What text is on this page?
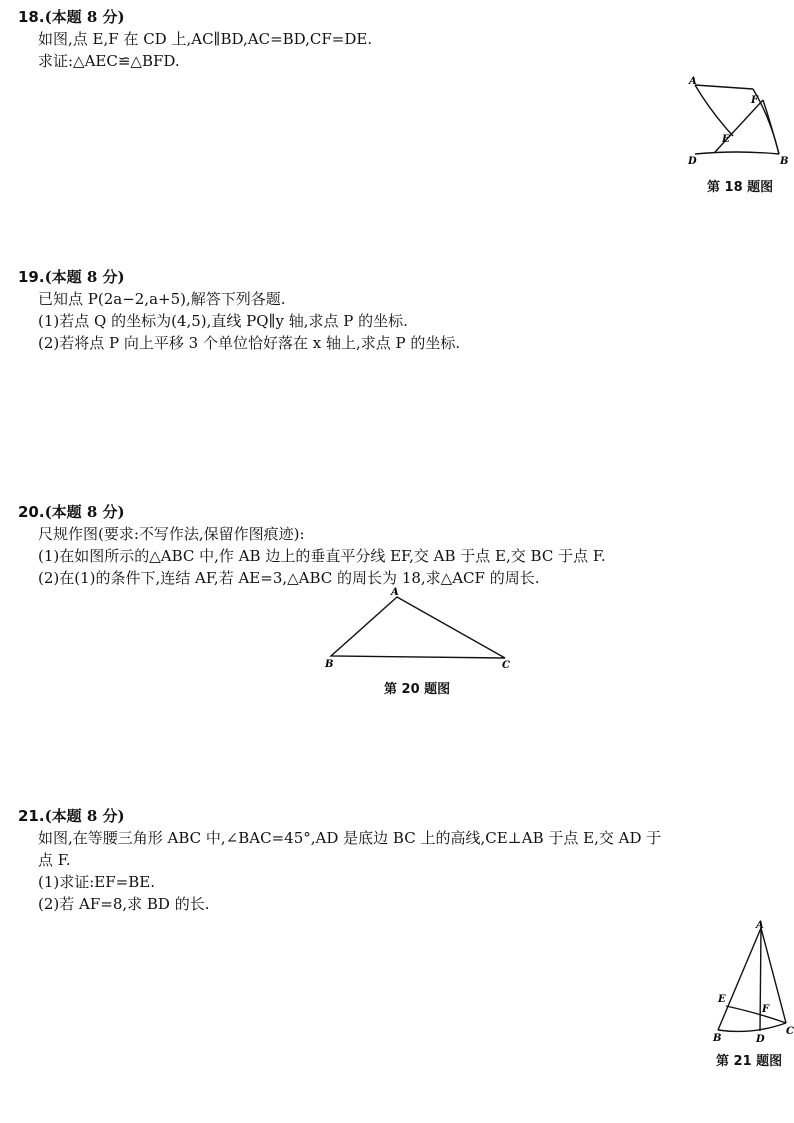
18.(本题 8 分)
如图,点 E,F 在 CD 上,AC∥BD,AC=BD,CF=DE.
求证:△AEC≌△BFD.
A
F
E
D	B
第 18 题图
19.(本题 8 分)
已知点 P(2a−2,a+5),解答下列各题.
(1)若点 Q 的坐标为(4,5),直线 PQ∥y 轴,求点 P 的坐标.
(2)若将点 P 向上平移 3 个单位恰好落在 x 轴上,求点 P 的坐标.
20.(本题 8 分)
尺规作图(要求:不写作法,保留作图痕迹):
(1)在如图所示的△ABC 中,作 AB 边上的垂直平分线 EF,交 AB 于点 E,交 BC 于点 F.
(2)在(1)的条件下,连结 AF,若 AE=3,△ABC 的周长为 18,求△ACF 的周长.
A
B	C
第 20 题图
21.(本题 8 分)
如图,在等腰三角形 ABC 中,∠BAC=45°,AD 是底边 BC 上的高线,CE⊥AB 于点 E,交 AD 于
点 F.
(1)求证:EF=BE.
(2)若 AF=8,求 BD 的长.
A
E
F
B	D
C
第 21 题图
